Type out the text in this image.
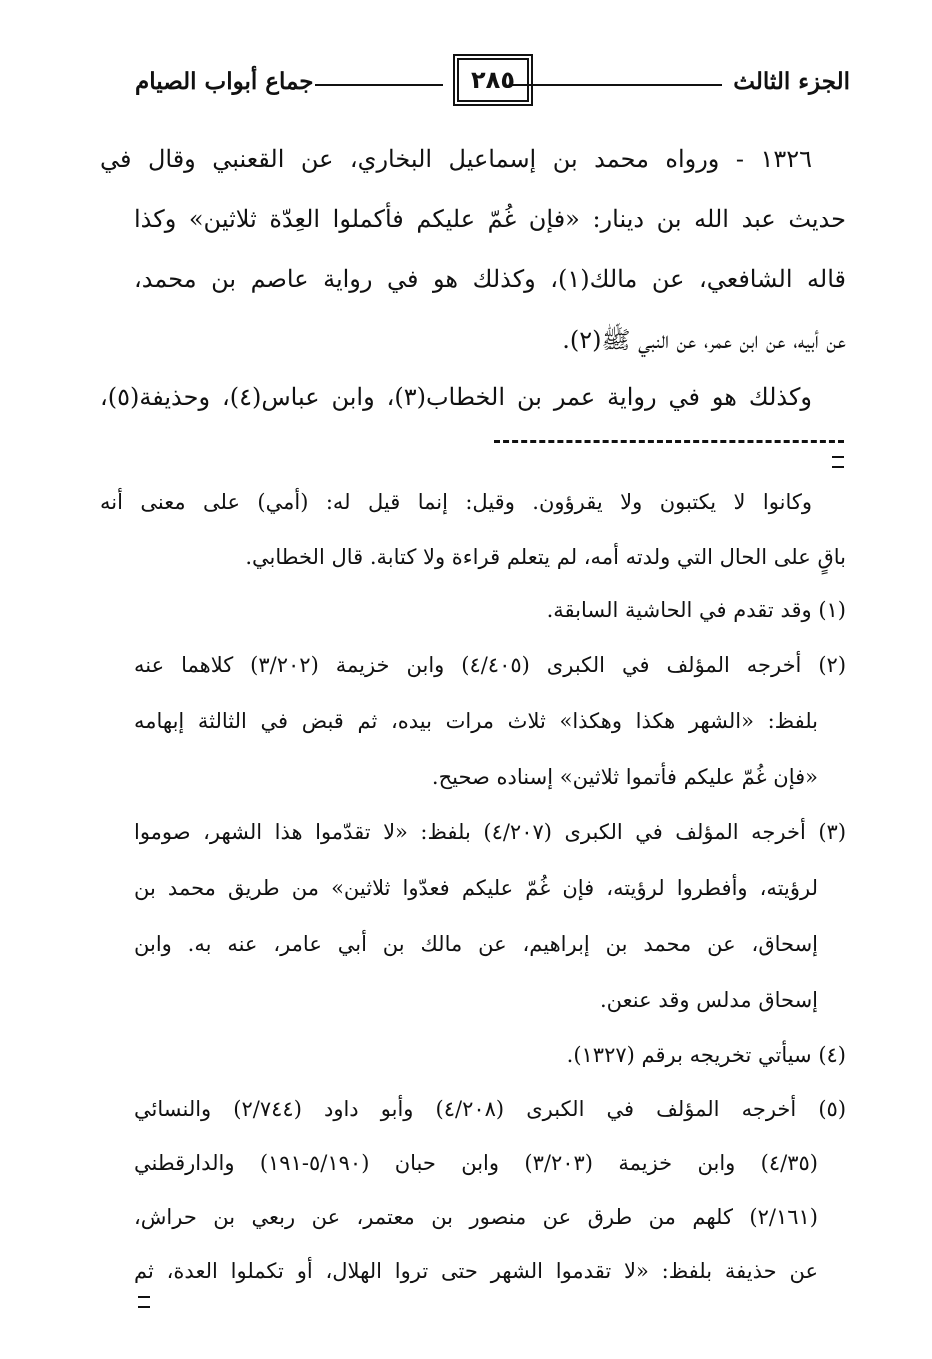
الجزء الثالث
٢٨٥
جماع أبواب الصيام
١٣٢٦ - ورواه محمد بن إسماعيل البخاري، عن القعنبي وقال في
حديث عبد الله بن دينار: «فإن غُمّ عليكم فأكملوا العِدّة ثلاثين» وكذا
قاله الشافعي، عن مالك(١)، وكذلك هو في رواية عاصم بن محمد،
عن أبيه، عن ابن عمر، عن النبي ﷺ(٢).
وكذلك هو في رواية عمر بن الخطاب(٣)، وابن عباس(٤)، وحذيفة(٥)،
وكانوا لا يكتبون ولا يقرؤون. وقيل: إنما قيل له: (أمي) على معنى أنه
باقٍ على الحال التي ولدته أمه، لم يتعلم قراءة ولا كتابة. قال الخطابي.
(١) وقد تقدم في الحاشية السابقة.
(٢) أخرجه المؤلف في الكبرى (٤/٤٠٥) وابن خزيمة (٣/٢٠٢) كلاهما عنه
بلفظ: «الشهر هكذا وهكذا» ثلاث مرات بيده، ثم قبض في الثالثة إبهامه
«فإن غُمّ عليكم فأتموا ثلاثين» إسناده صحيح.
(٣) أخرجه المؤلف في الكبرى (٤/٢٠٧) بلفظ: «لا تقدّموا هذا الشهر، صوموا
لرؤيته، وأفطروا لرؤيته، فإن غُمّ عليكم فعدّوا ثلاثين» من طريق محمد بن
إسحاق، عن محمد بن إبراهيم، عن مالك بن أبي عامر، عنه به. وابن
إسحاق مدلس وقد عنعن.
(٤) سيأتي تخريجه برقم (١٣٢٧).
(٥) أخرجه المؤلف في الكبرى (٤/٢٠٨) وأبو داود (٢/٧٤٤) والنسائي
(٤/٣٥) وابن خزيمة (٣/٢٠٣) وابن حبان (٥/١٩٠-١٩١) والدارقطني
(٢/١٦١) كلهم من طرق عن منصور بن معتمر، عن ربعي بن حراش،
عن حذيفة بلفظ: «لا تقدموا الشهر حتى تروا الهلال، أو تكملوا العدة، ثم
